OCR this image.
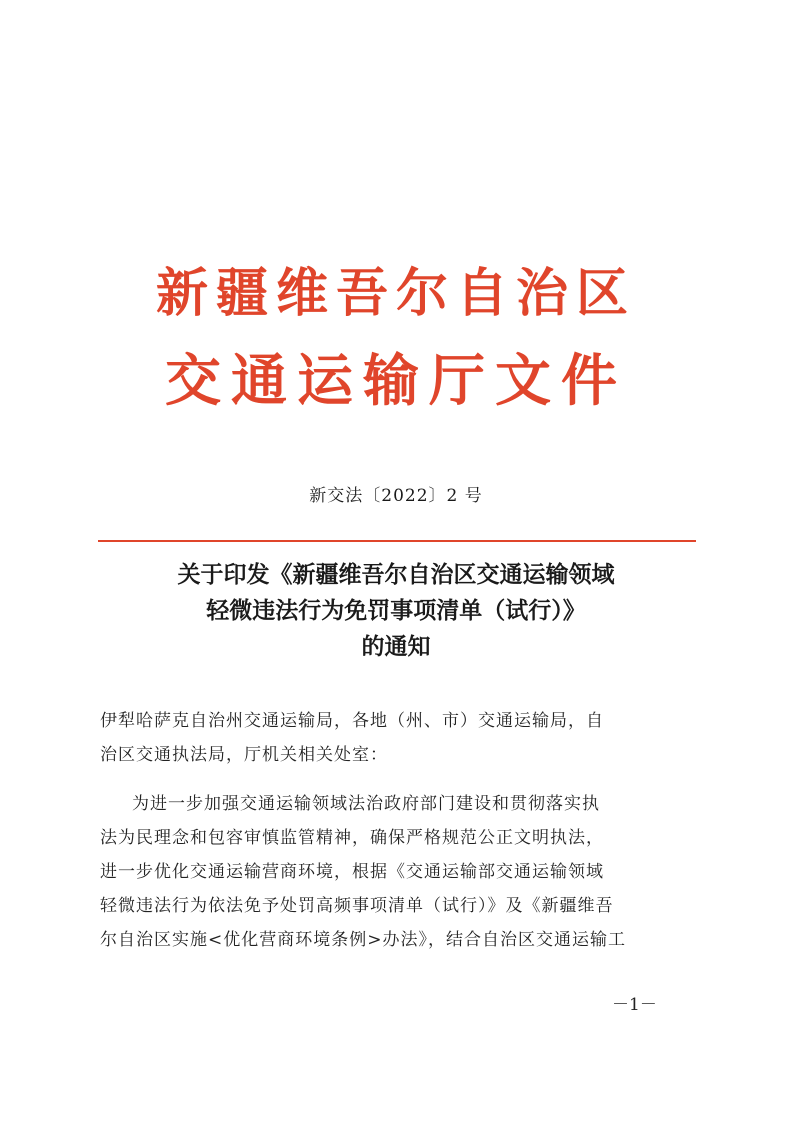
新疆维吾尔自治区
交通运输厅文件
新交法〔2022〕2 号
关于印发《新疆维吾尔自治区交通运输领域
轻微违法行为免罚事项清单（试行）》
的通知
伊犁哈萨克自治州交通运输局，各地（州、市）交通运输局，自
治区交通执法局，厅机关相关处室：
为进一步加强交通运输领域法治政府部门建设和贯彻落实执
法为民理念和包容审慎监管精神，确保严格规范公正文明执法，
进一步优化交通运输营商环境，根据《交通运输部交通运输领域
轻微违法行为依法免予处罚高频事项清单（试行）》及《新疆维吾
尔自治区实施<优化营商环境条例>办法》，结合自治区交通运输工
－1－
